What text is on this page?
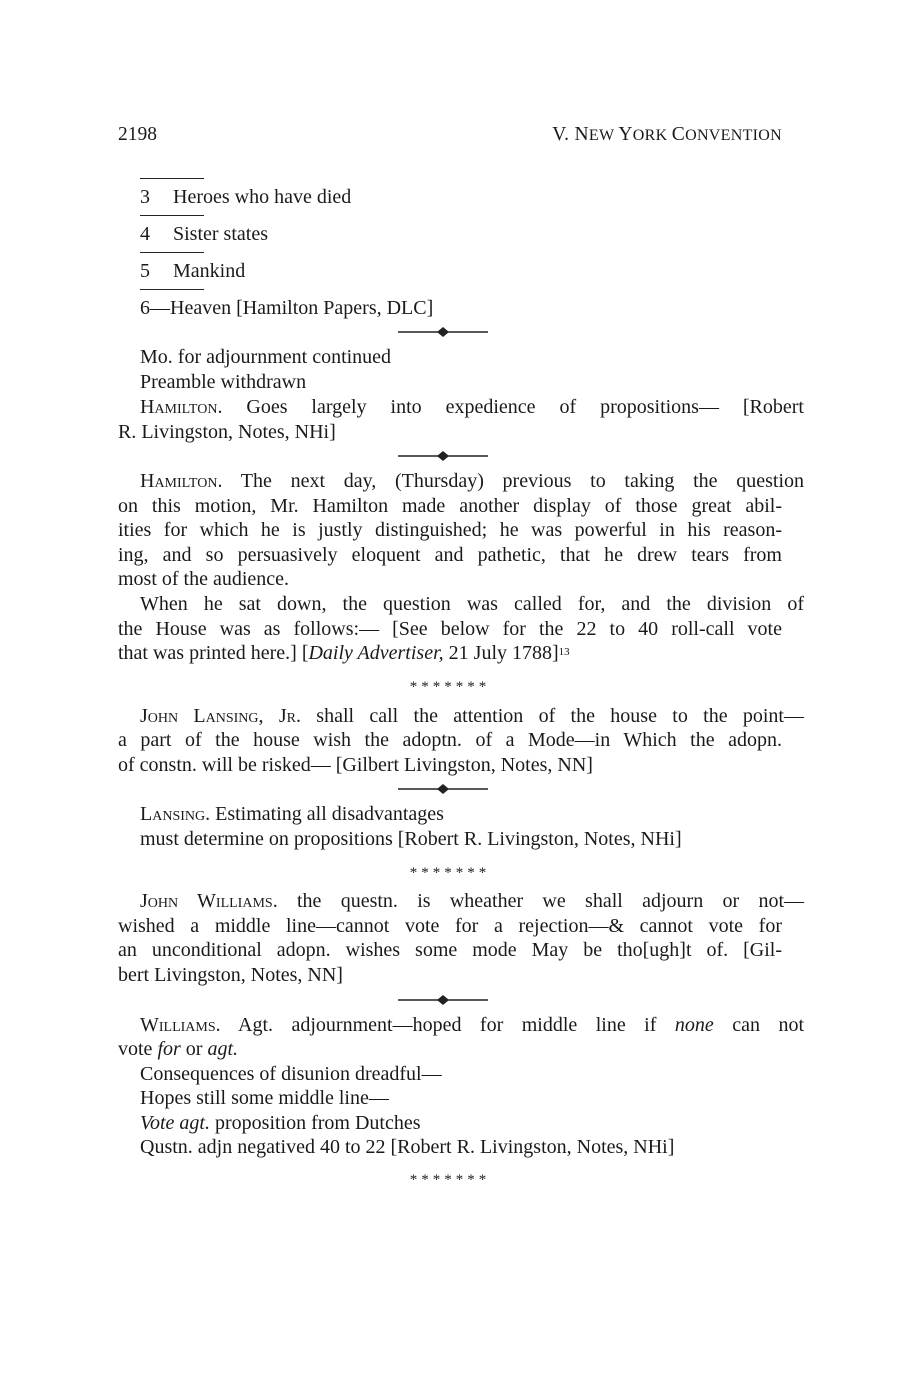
2198	V. NEW YORK CONVENTION
3 Heroes who have died
4 Sister states
5 Mankind
6—Heaven [Hamilton Papers, DLC]
Mo. for adjournment continued
Preamble withdrawn
Hamilton. Goes largely into expedience of propositions— [Robert
R. Livingston, Notes, NHi]
Hamilton. The next day, (Thursday) previous to taking the question
on this motion, Mr. Hamilton made another display of those great abil-
ities for which he is justly distinguished; he was powerful in his reason-
ing, and so persuasively eloquent and pathetic, that he drew tears from
most of the audience.
When he sat down, the question was called for, and the division of
the House was as follows:— [See below for the 22 to 40 roll-call vote
that was printed here.] [Daily Advertiser, 21 July 1788]$^{13}$
*******
John Lansing, Jr. shall call the attention of the house to the point—
a part of the house wish the adoptn. of a Mode—in Which the adopn.
of constn. will be risked— [Gilbert Livingston, Notes, NN]
Lansing. Estimating all disadvantages
must determine on propositions [Robert R. Livingston, Notes, NHi]
*******
John Williams. the questn. is wheather we shall adjourn or not—
wished a middle line—cannot vote for a rejection—& cannot vote for
an unconditional adopn. wishes some mode May be tho[ugh]t of. [Gil-
bert Livingston, Notes, NN]
Williams. Agt. adjournment—hoped for middle line if none can not
vote for or agt.
Consequences of disunion dreadful—
Hopes still some middle line—
Vote agt. proposition from Dutches
Qustn. adjn negatived 40 to 22 [Robert R. Livingston, Notes, NHi]
*******
